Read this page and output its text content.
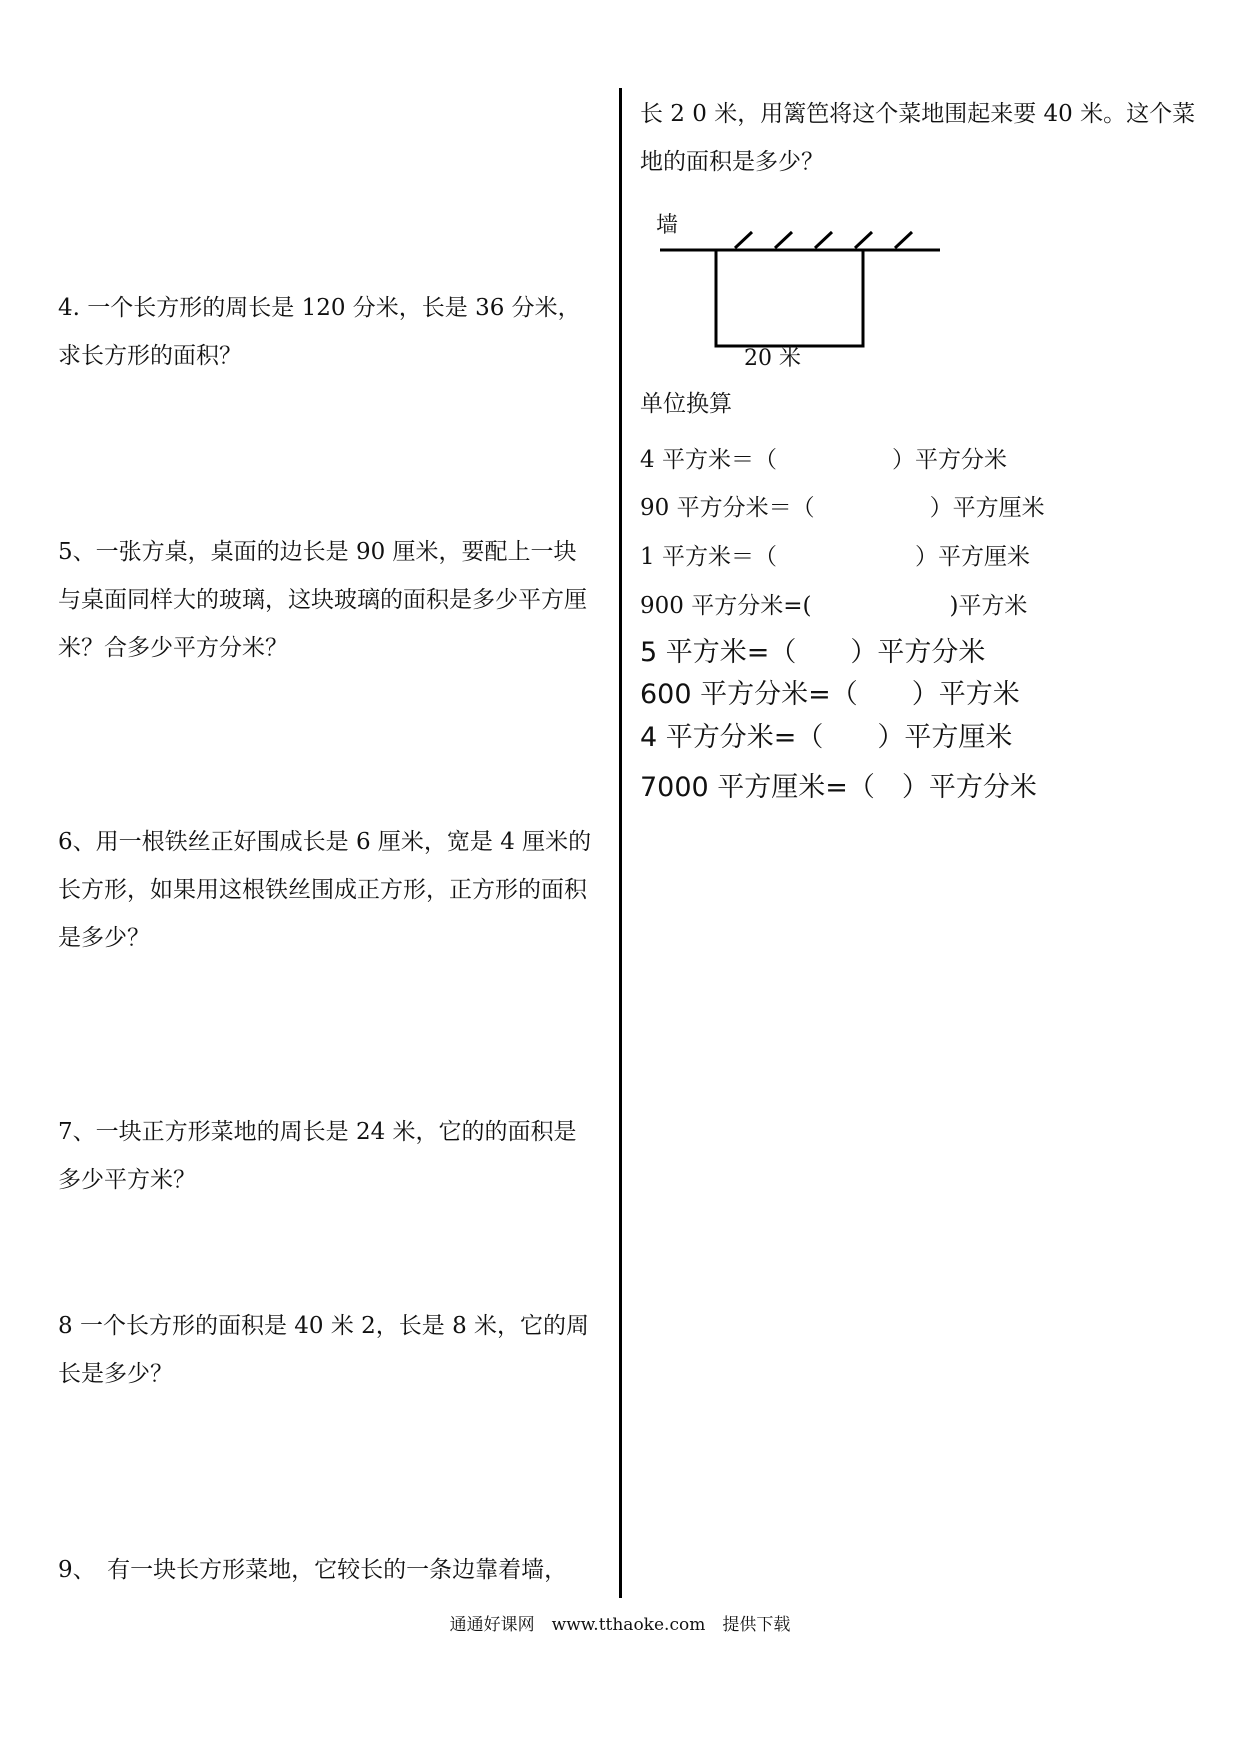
4. 一个长方形的周长是 120 分米，长是 36 分米，求长方形的面积？
5、一张方桌，桌面的边长是 90 厘米，要配上一块与桌面同样大的玻璃，这块玻璃的面积是多少平方厘米？合多少平方分米？
6、用一根铁丝正好围成长是 6 厘米，宽是 4 厘米的长方形，如果用这根铁丝围成正方形，正方形的面积是多少？
7、一块正方形菜地的周长是 24 米，它的的面积是多少平方米？
8 一个长方形的面积是 40 米 2，长是 8 米，它的周长是多少？
9、　有一块长方形菜地，它较长的一条边靠着墙，
长 2 0 米，用篱笆将这个菜地围起来要 40 米。这个菜地的面积是多少？
墙
20 米
单位换算
4 平方米＝（　　　　　）平方分米
90 平方分米＝（　　　　　）平方厘米
1 平方米＝（　　　　　　）平方厘米
900 平方分米=(　　　　　　)平方米
5 平方米=（　　）平方分米
600 平方分米=（　　）平方米
4 平方分米=（　　）平方厘米
7000 平方厘米=（　）平方分米
通通好课网　www.tthaoke.com　提供下载
